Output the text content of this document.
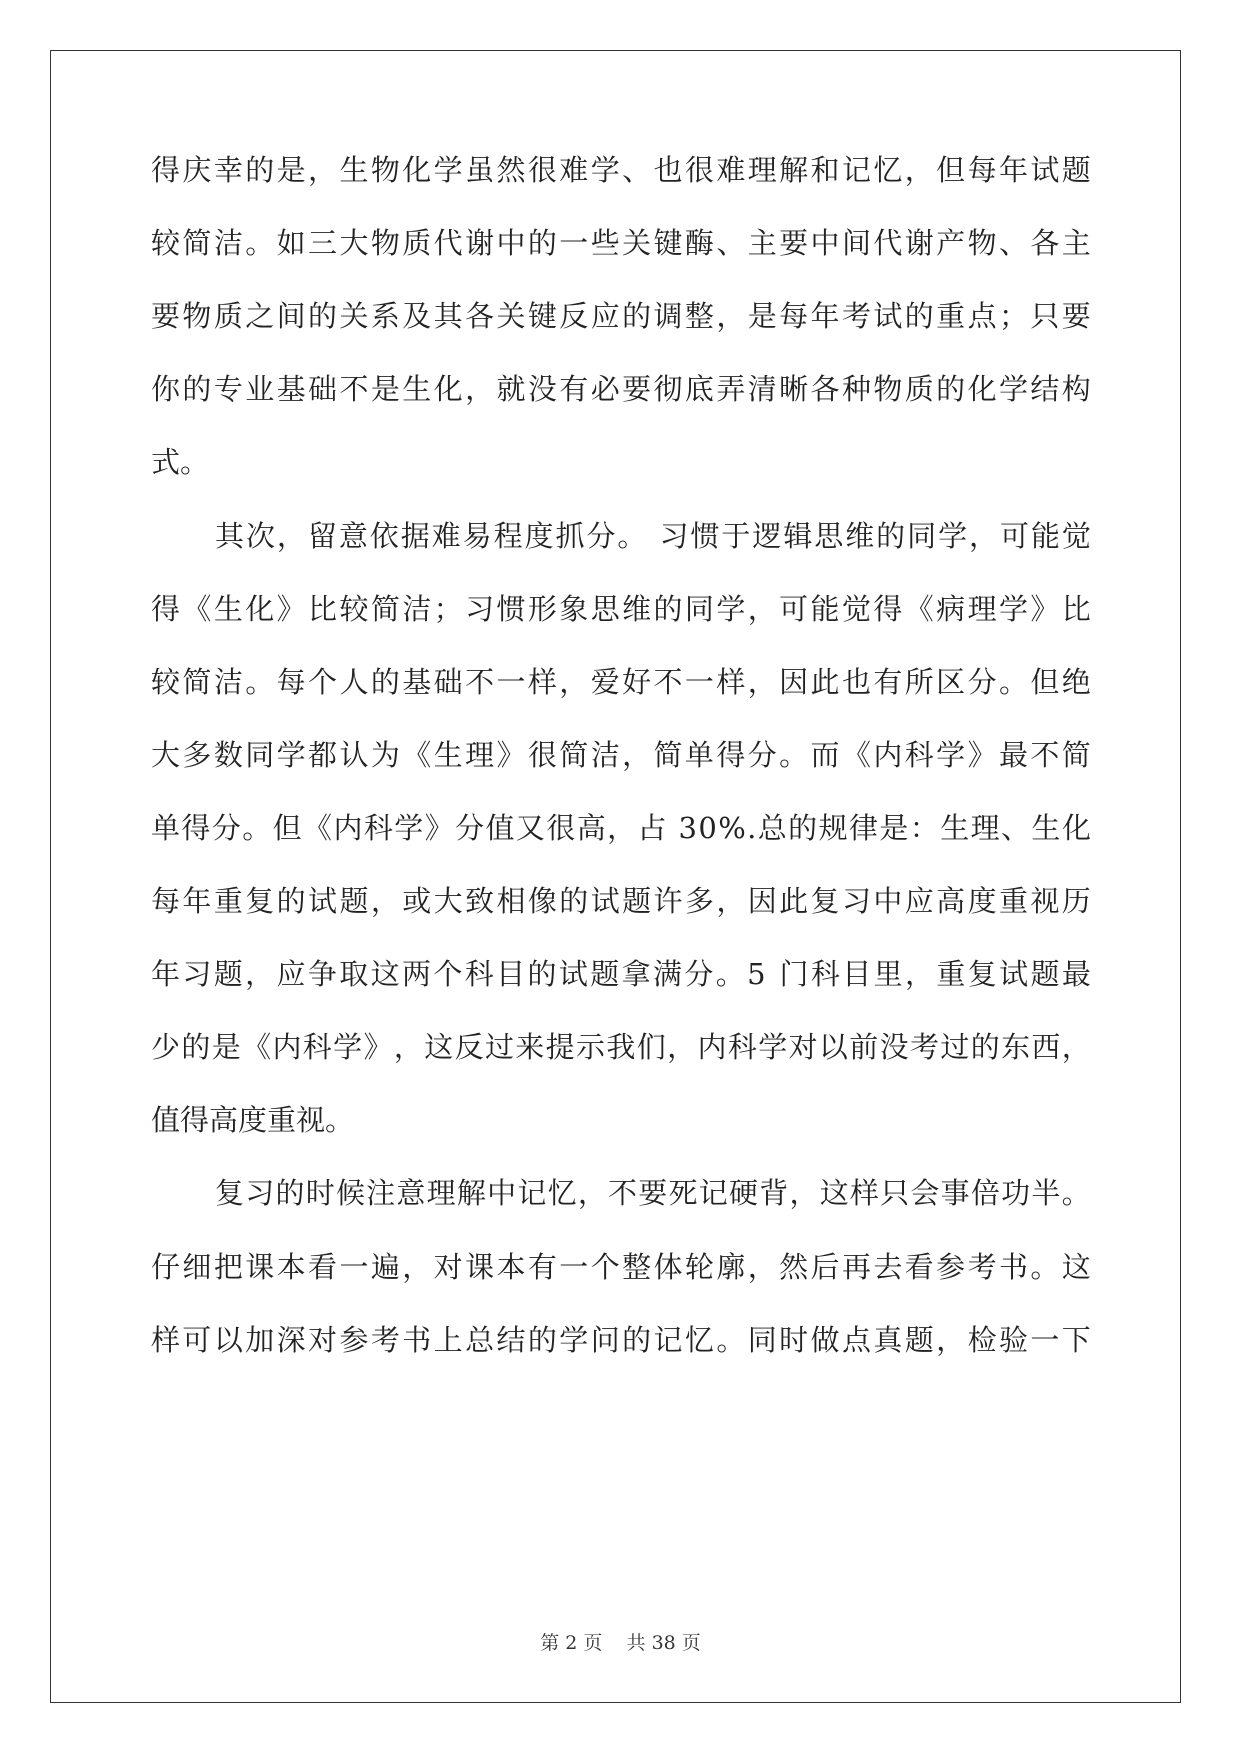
得 庆 幸 的 是 ， 生 物 化 学 虽 然 很 难 学 、 也 很 难 理 解 和 记 忆 ， 但 每 年 试 题
较 简 洁 。 如 三 大 物 质 代 谢 中 的 一 些 关 键 酶 、 主 要 中 间 代 谢 产 物 、 各 主
要 物 质 之 间 的 关 系 及 其 各 关 键 反 应 的 调 整 ， 是 每 年 考 试 的 重 点 ； 只 要
你 的 专 业 基 础 不 是 生 化 ， 就 没 有 必 要 彻 底 弄 清 晰 各 种 物 质 的 化 学 结 构
式。
其 次 ， 留 意 依 据 难 易 程 度 抓 分 。
习 惯 于 逻 辑 思 维 的 同 学 ， 可 能 觉
得 《 生 化 》 比 较 简 洁 ； 习 惯 形 象 思 维 的 同 学 ， 可 能 觉 得 《 病 理 学 》 比
较 简 洁 。 每 个 人 的 基 础 不 一 样 ， 爱 好 不 一 样 ， 因 此 也 有 所 区 分 。 但 绝
大 多 数 同 学 都 认 为 《 生 理 》 很 简 洁 ， 简 单 得 分 。 而 《 内 科 学 》 最 不 简
单 得 分 。 但 《 内 科 学 》 分 值 又 很 高 ， 占
3 0 % . 总 的 规 律 是 ： 生 理 、 生 化
每 年 重 复 的 试 题 ， 或 大 致 相 像 的 试 题 许 多 ， 因 此 复 习 中 应 高 度 重 视 历
年 习 题 ， 应 争 取 这 两 个 科 目 的 试 题 拿 满 分 。 5
门 科 目 里 ， 重 复 试 题 最
少 的 是 《 内 科 学 》 ， 这 反 过 来 提 示 我 们 ， 内 科 学 对 以 前 没 考 过 的 东 西 ，
值得高度重视。
复 习 的 时 候 注 意 理 解 中 记 忆 ， 不 要 死 记 硬 背 ， 这 样 只 会 事 倍 功 半 。
仔 细 把 课 本 看 一 遍 ， 对 课 本 有 一 个 整 体 轮 廓 ， 然 后 再 去 看 参 考 书 。 这
样 可 以 加 深 对 参 考 书 上 总 结 的 学 问 的 记 忆 。 同 时 做 点 真 题 ， 检 验 一 下
第 2 页    共 38 页
